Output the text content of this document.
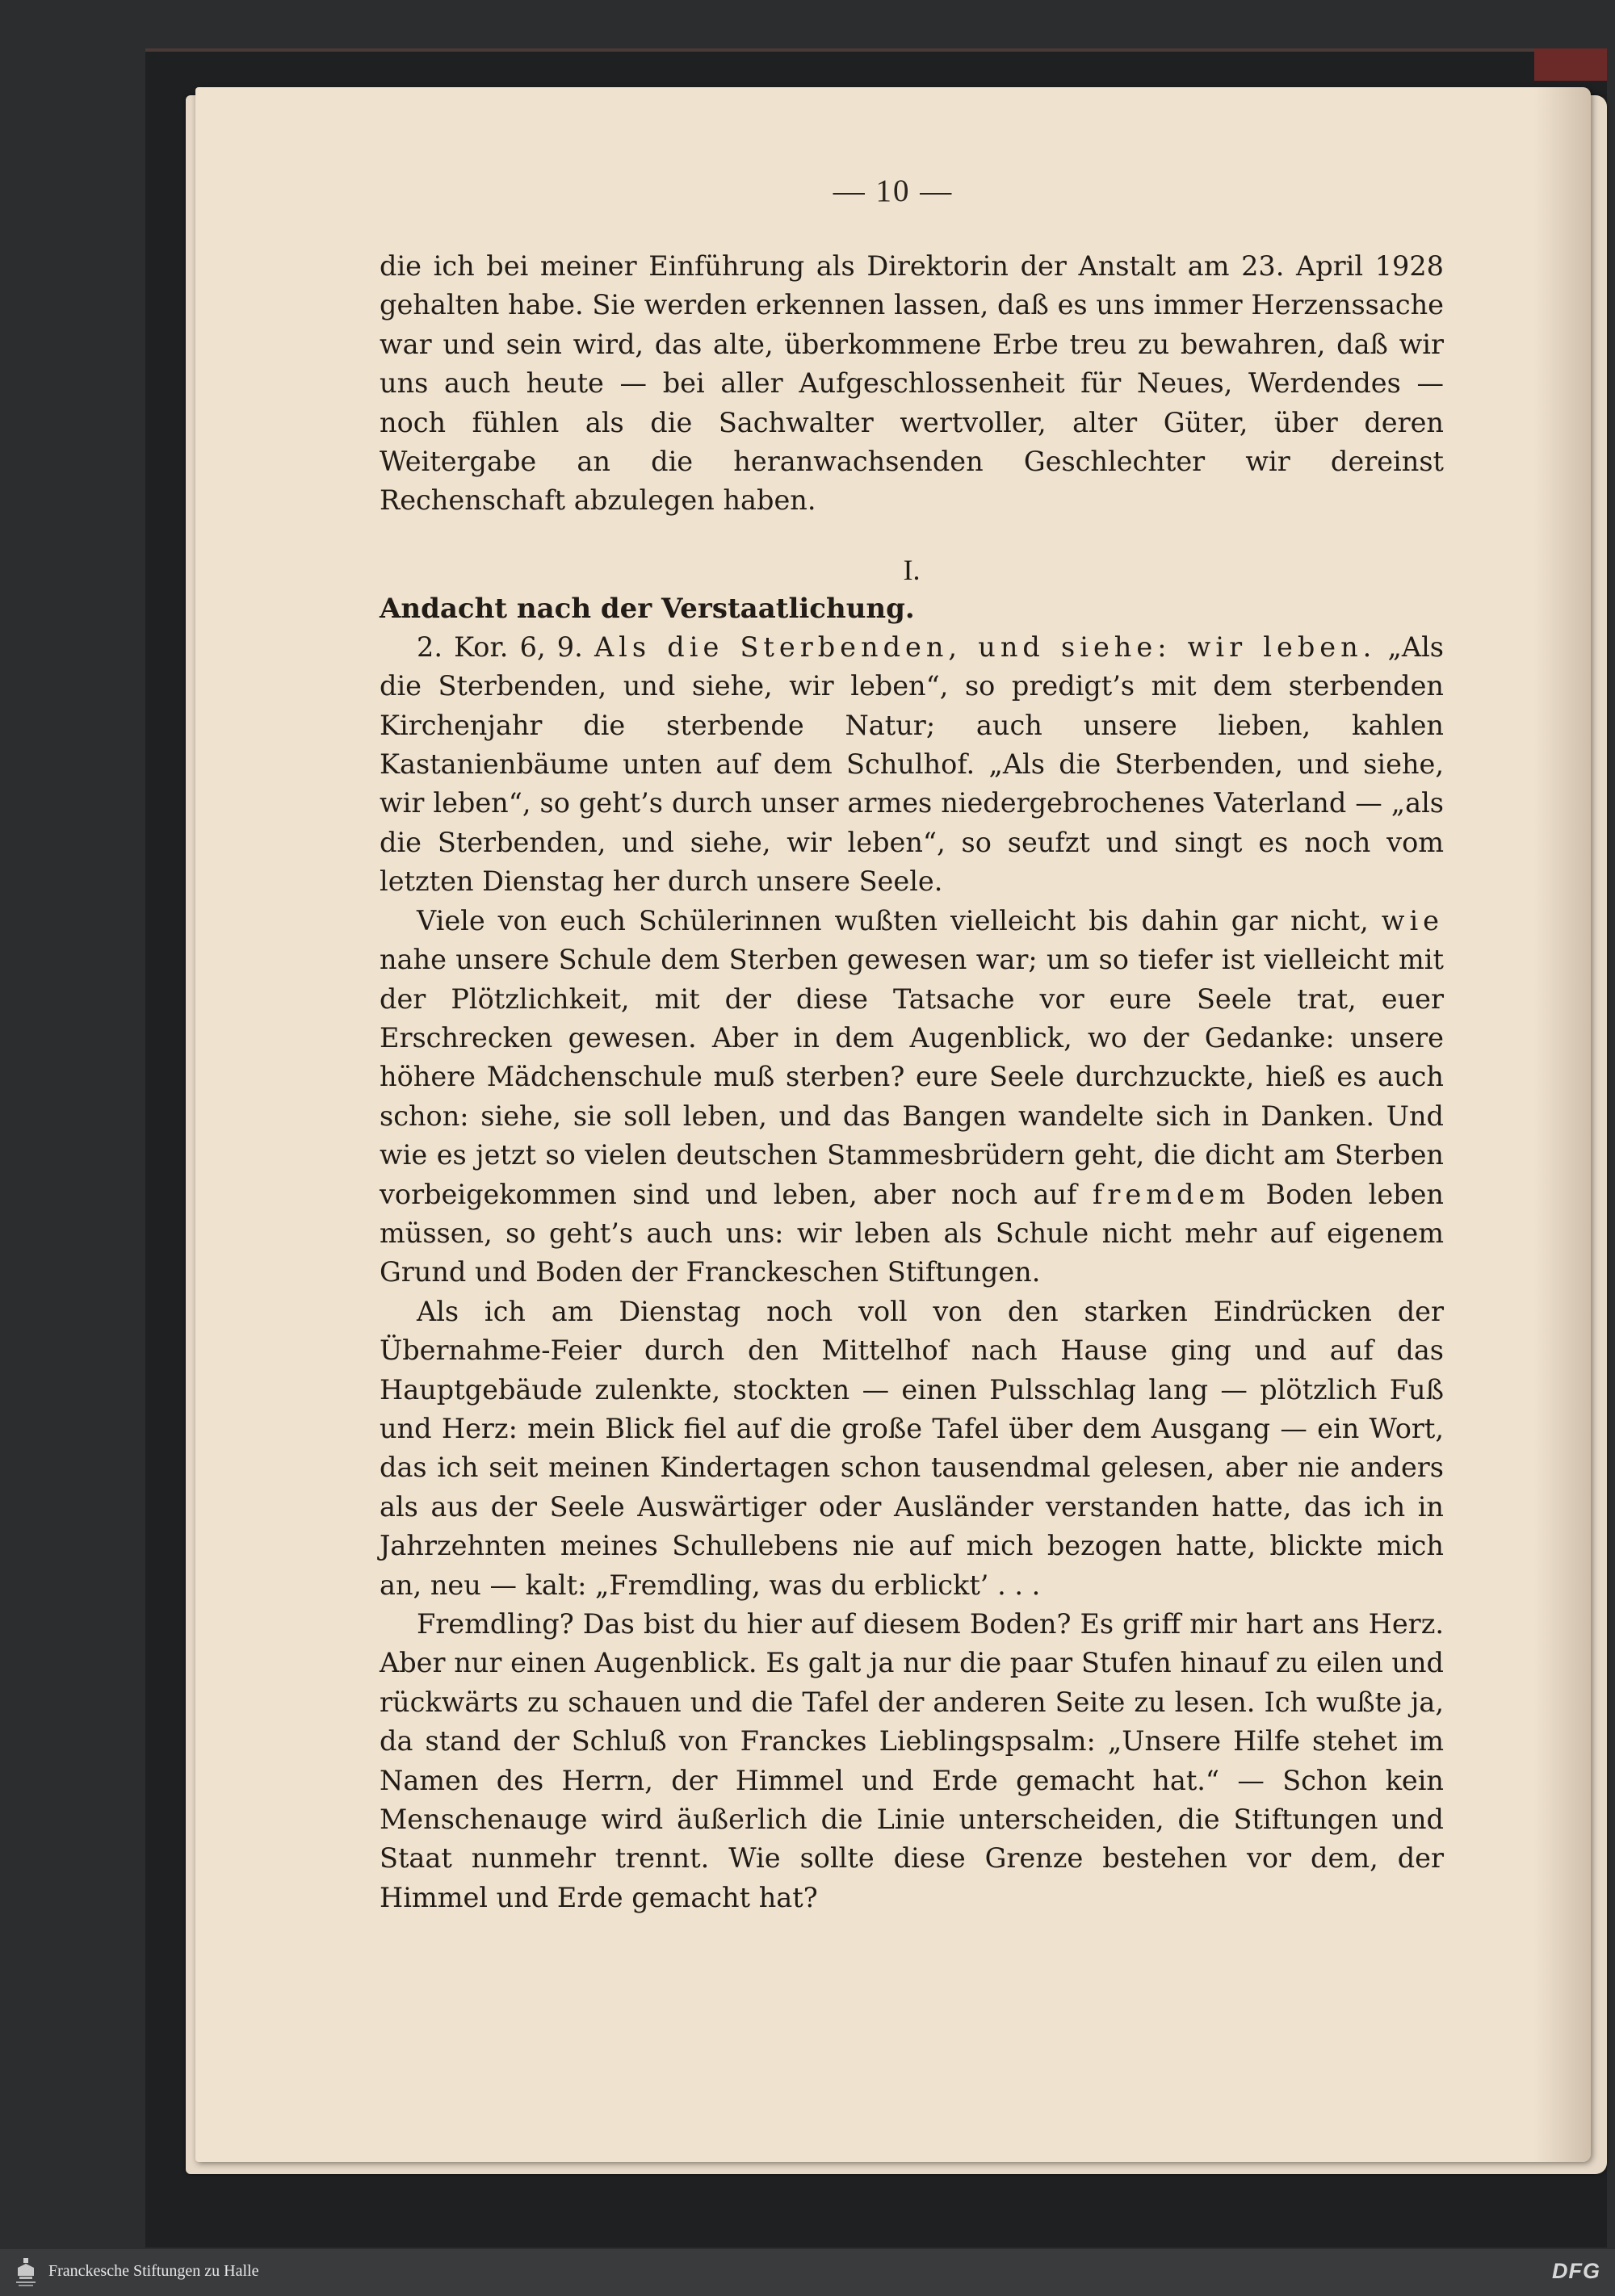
— 10 —

die ich bei meiner Einführung als Direktorin der Anstalt am 23. April 1928 gehalten habe. Sie werden erkennen lassen, daß es uns immer Herzenssache war und sein wird, das alte, überkommene Erbe treu zu bewahren, daß wir uns auch heute — bei aller Aufgeschlossenheit für Neues, Werdendes — noch fühlen als die Sachwalter wertvoller, alter Güter, über deren Weitergabe an die heranwachsenden Geschlechter wir dereinst Rechenschaft abzulegen haben.

I.

Andacht nach der Verstaatlichung.

2. Kor. 6, 9. Als die Sterbenden, und siehe: wir leben. „Als die Sterbenden, und siehe, wir leben“, so predigt’s mit dem sterbenden Kirchenjahr die sterbende Natur; auch unsere lieben, kahlen Kastanienbäume unten auf dem Schulhof. „Als die Sterbenden, und siehe, wir leben“, so geht’s durch unser armes niedergebrochenes Vaterland — „als die Sterbenden, und siehe, wir leben“, so seufzt und singt es noch vom letzten Dienstag her durch unsere Seele.

Viele von euch Schülerinnen wußten vielleicht bis dahin gar nicht, wie nahe unsere Schule dem Sterben gewesen war; um so tiefer ist vielleicht mit der Plötzlichkeit, mit der diese Tatsache vor eure Seele trat, euer Erschrecken gewesen. Aber in dem Augenblick, wo der Gedanke: unsere höhere Mädchenschule muß sterben? eure Seele durchzuckte, hieß es auch schon: siehe, sie soll leben, und das Bangen wandelte sich in Danken. Und wie es jetzt so vielen deutschen Stammesbrüdern geht, die dicht am Sterben vorbeigekommen sind und leben, aber noch auf fremdem Boden leben müssen, so geht’s auch uns: wir leben als Schule nicht mehr auf eigenem Grund und Boden der Franckeschen Stiftungen.

Als ich am Dienstag noch voll von den starken Eindrücken der Übernahme-Feier durch den Mittelhof nach Hause ging und auf das Hauptgebäude zulenkte, stockten — einen Pulsschlag lang — plötzlich Fuß und Herz: mein Blick fiel auf die große Tafel über dem Ausgang — ein Wort, das ich seit meinen Kindertagen schon tausendmal gelesen, aber nie anders als aus der Seele Auswärtiger oder Ausländer verstanden hatte, das ich in Jahrzehnten meines Schullebens nie auf mich bezogen hatte, blickte mich an, neu — kalt: „Fremdling, was du erblickt’ . . .

Fremdling? Das bist du hier auf diesem Boden? Es griff mir hart ans Herz. Aber nur einen Augenblick. Es galt ja nur die paar Stufen hinauf zu eilen und rückwärts zu schauen und die Tafel der anderen Seite zu lesen. Ich wußte ja, da stand der Schluß von Franckes Lieblingspsalm: „Unsere Hilfe stehet im Namen des Herrn, der Himmel und Erde gemacht hat.“ — Schon kein Menschenauge wird äußerlich die Linie unterscheiden, die Stiftungen und Staat nunmehr trennt. Wie sollte diese Grenze bestehen vor dem, der Himmel und Erde gemacht hat?

Franckesche Stiftungen zu Halle	DFG
